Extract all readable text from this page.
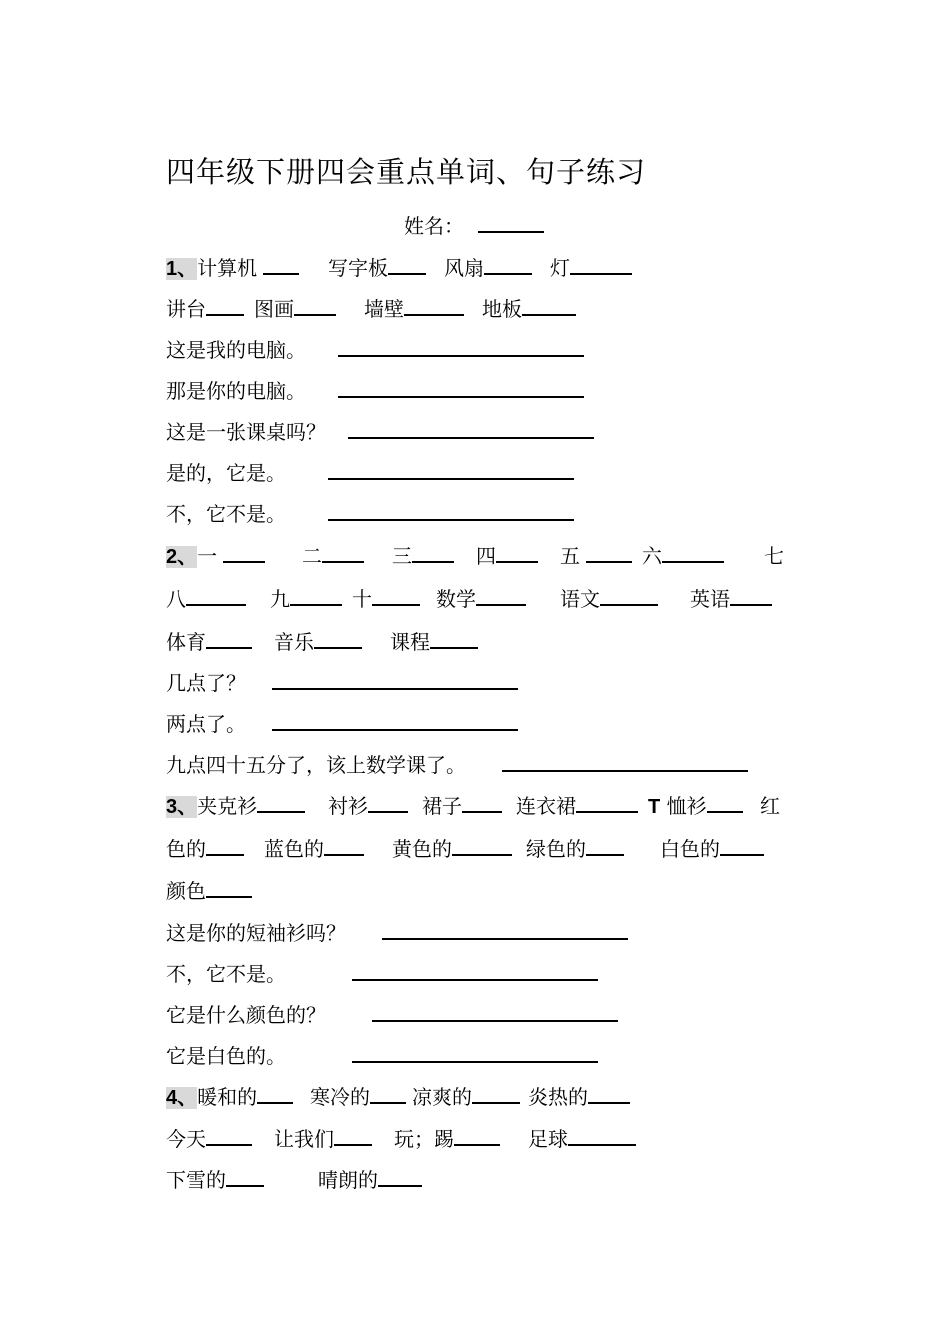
四年级下册四会重点单词、句子练习
姓名：
1、计算机	写字板	风扇	灯
讲台	图画	墙壁	地板
这是我的电脑。
那是你的电脑。
这是一张课桌吗？
是的，它是。
不，它不是。
2、一	二	三	四	五	六	七
八	九	十	数学	语文	英语
体育	音乐	课程
几点了？
两点了。
九点四十五分了，该上数学课了。
3、夹克衫	衬衫	裙子	连衣裙	T 恤衫	红
色的	蓝色的	黄色的	绿色的	白色的
颜色
这是你的短袖衫吗？
不，它不是。
它是什么颜色的？
它是白色的。
4、暖和的	寒冷的	凉爽的	炎热的
今天	让我们	玩；踢	足球
下雪的	晴朗的
